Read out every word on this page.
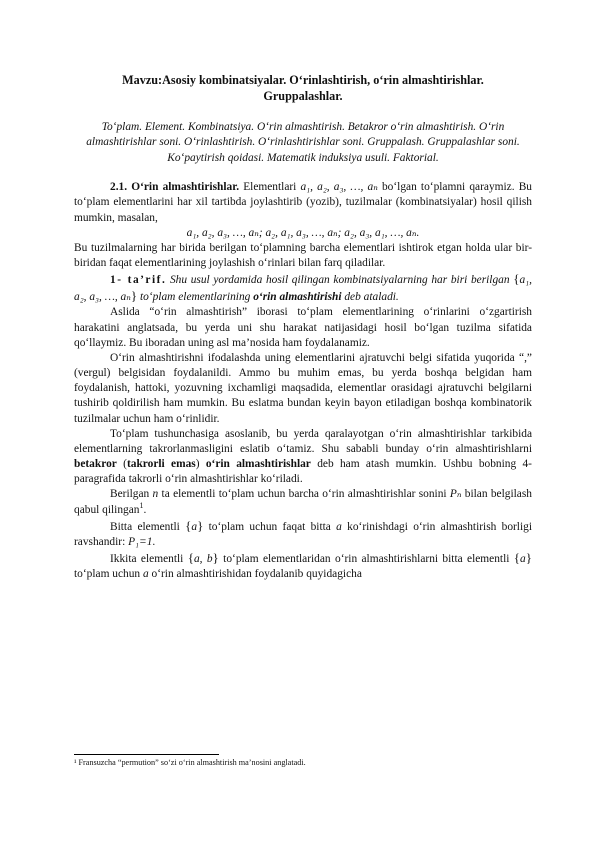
Mavzu:Asosiy kombinatsiyalar. O‘rinlashtirish, o‘rin almashtirishlar.
Gruppalashlar.
To‘plam. Element. Kombinatsiya. O‘rin almashtirish. Betakror o‘rin almashtirish. O‘rin almashtirishlar soni. O‘rinlashtirish. O‘rinlashtirishlar soni. Gruppalash. Gruppalashlar soni. Ko‘paytirish qoidasi. Matematik induksiya usuli. Faktorial.

2.1. O‘rin almashtirishlar. Elementlari a₁, a₂, a₃, …, aₙ bo‘lgan to‘plamni qaraymiz. Bu to‘plam elementlarini har xil tartibda joylashtirib (yozib), tuzilmalar (kombinatsiyalar) hosil qilish mumkin, masalan,

a₁, a₂, a₃, …, aₙ; a₂, a₁, a₃, …, aₙ; a₂, a₃, a₁, …, aₙ.

Bu tuzilmalarning har birida berilgan to‘plamning barcha elementlari ishtirok etgan holda ular bir-biridan faqat elementlarining joylashish o‘rinlari bilan farq qiladilar.

1- ta’rif. Shu usul yordamida hosil qilingan kombinatsiyalarning har biri berilgan {a₁, a₂, a₃, …, aₙ} to‘plam elementlarining o‘rin almashtirishi deb ataladi.

Aslida “o‘rin almashtirish” iborasi to‘plam elementlarining o‘rinlarini o‘zgartirish harakatini anglatsada, bu yerda uni shu harakat natijasidagi hosil bo‘lgan tuzilma sifatida qo‘llaymiz. Bu iboradan uning asl ma’nosida ham foydalanamiz.

O‘rin almashtirishni ifodalashda uning elementlarini ajratuvchi belgi sifatida yuqorida “,” (vergul) belgisidan foydalanildi. Ammo bu muhim emas, bu yerda boshqa belgidan ham foydalanish, hattoki, yozuvning ixchamligi maqsadida, elementlar orasidagi ajratuvchi belgilarni tushirib qoldirilish ham mumkin. Bu eslatma bundan keyin bayon etiladigan boshqa kombinatorik tuzilmalar uchun ham o‘rinlidir.

To‘plam tushunchasiga asoslanib, bu yerda qaralayotgan o‘rin almashtirishlar tarkibida elementlarning takrorlanmasligini eslatib o‘tamiz. Shu sababli bunday o‘rin almashtirishlarni betakror (takrorli emas) o‘rin almashtirishlar deb ham atash mumkin. Ushbu bobning 4- paragrafida takrorli o‘rin almashtirishlar ko‘riladi.

Berilgan n ta elementli to‘plam uchun barcha o‘rin almashtirishlar sonini Pₙ bilan belgilash qabul qilingan$^1$.

Bitta elementli {a} to‘plam uchun faqat bitta a ko‘rinishdagi o‘rin almashtirish borligi ravshandir: P₁=1.

Ikkita elementli {a, b} to‘plam elementlaridan o‘rin almashtirishlarni bitta elementli {a} to‘plam uchun a o‘rin almashtirishidan foydalanib quyidagicha

¹ Fransuzcha “permution” so‘zi o‘rin almashtirish ma’nosini anglatadi.
